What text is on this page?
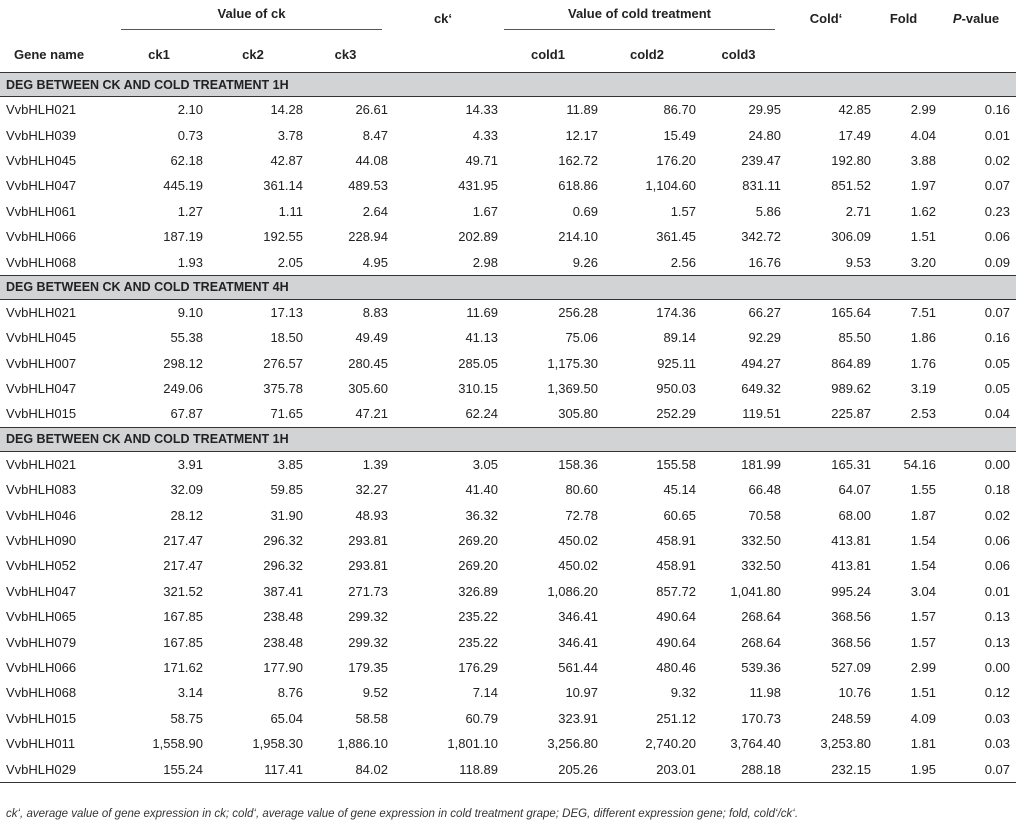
	Value of ck			ck‘	Value of cold treatment			Cold‘	Fold	P-value
Gene name	ck1	ck2	ck3		cold1	cold2	cold3			
DEG BETWEEN CK AND COLD TREATMENT 1H										
VvbHLH021	2.10	14.28	26.61	14.33	11.89	86.70	29.95	42.85	2.99	0.16
VvbHLH039	0.73	3.78	8.47	4.33	12.17	15.49	24.80	17.49	4.04	0.01
VvbHLH045	62.18	42.87	44.08	49.71	162.72	176.20	239.47	192.80	3.88	0.02
VvbHLH047	445.19	361.14	489.53	431.95	618.86	1,104.60	831.11	851.52	1.97	0.07
VvbHLH061	1.27	1.11	2.64	1.67	0.69	1.57	5.86	2.71	1.62	0.23
VvbHLH066	187.19	192.55	228.94	202.89	214.10	361.45	342.72	306.09	1.51	0.06
VvbHLH068	1.93	2.05	4.95	2.98	9.26	2.56	16.76	9.53	3.20	0.09
DEG BETWEEN CK AND COLD TREATMENT 4H										
VvbHLH021	9.10	17.13	8.83	11.69	256.28	174.36	66.27	165.64	7.51	0.07
VvbHLH045	55.38	18.50	49.49	41.13	75.06	89.14	92.29	85.50	1.86	0.16
VvbHLH007	298.12	276.57	280.45	285.05	1,175.30	925.11	494.27	864.89	1.76	0.05
VvbHLH047	249.06	375.78	305.60	310.15	1,369.50	950.03	649.32	989.62	3.19	0.05
VvbHLH015	67.87	71.65	47.21	62.24	305.80	252.29	119.51	225.87	2.53	0.04
DEG BETWEEN CK AND COLD TREATMENT 1H										
VvbHLH021	3.91	3.85	1.39	3.05	158.36	155.58	181.99	165.31	54.16	0.00
VvbHLH083	32.09	59.85	32.27	41.40	80.60	45.14	66.48	64.07	1.55	0.18
VvbHLH046	28.12	31.90	48.93	36.32	72.78	60.65	70.58	68.00	1.87	0.02
VvbHLH090	217.47	296.32	293.81	269.20	450.02	458.91	332.50	413.81	1.54	0.06
VvbHLH052	217.47	296.32	293.81	269.20	450.02	458.91	332.50	413.81	1.54	0.06
VvbHLH047	321.52	387.41	271.73	326.89	1,086.20	857.72	1,041.80	995.24	3.04	0.01
VvbHLH065	167.85	238.48	299.32	235.22	346.41	490.64	268.64	368.56	1.57	0.13
VvbHLH079	167.85	238.48	299.32	235.22	346.41	490.64	268.64	368.56	1.57	0.13
VvbHLH066	171.62	177.90	179.35	176.29	561.44	480.46	539.36	527.09	2.99	0.00
VvbHLH068	3.14	8.76	9.52	7.14	10.97	9.32	11.98	10.76	1.51	0.12
VvbHLH015	58.75	65.04	58.58	60.79	323.91	251.12	170.73	248.59	4.09	0.03
VvbHLH011	1,558.90	1,958.30	1,886.10	1,801.10	3,256.80	2,740.20	3,764.40	3,253.80	1.81	0.03
VvbHLH029	155.24	117.41	84.02	118.89	205.26	203.01	288.18	232.15	1.95	0.07
ck‘, average value of gene expression in ck; cold‘, average value of gene expression in cold treatment grape; DEG, different expression gene; fold, cold‘/ck‘.
